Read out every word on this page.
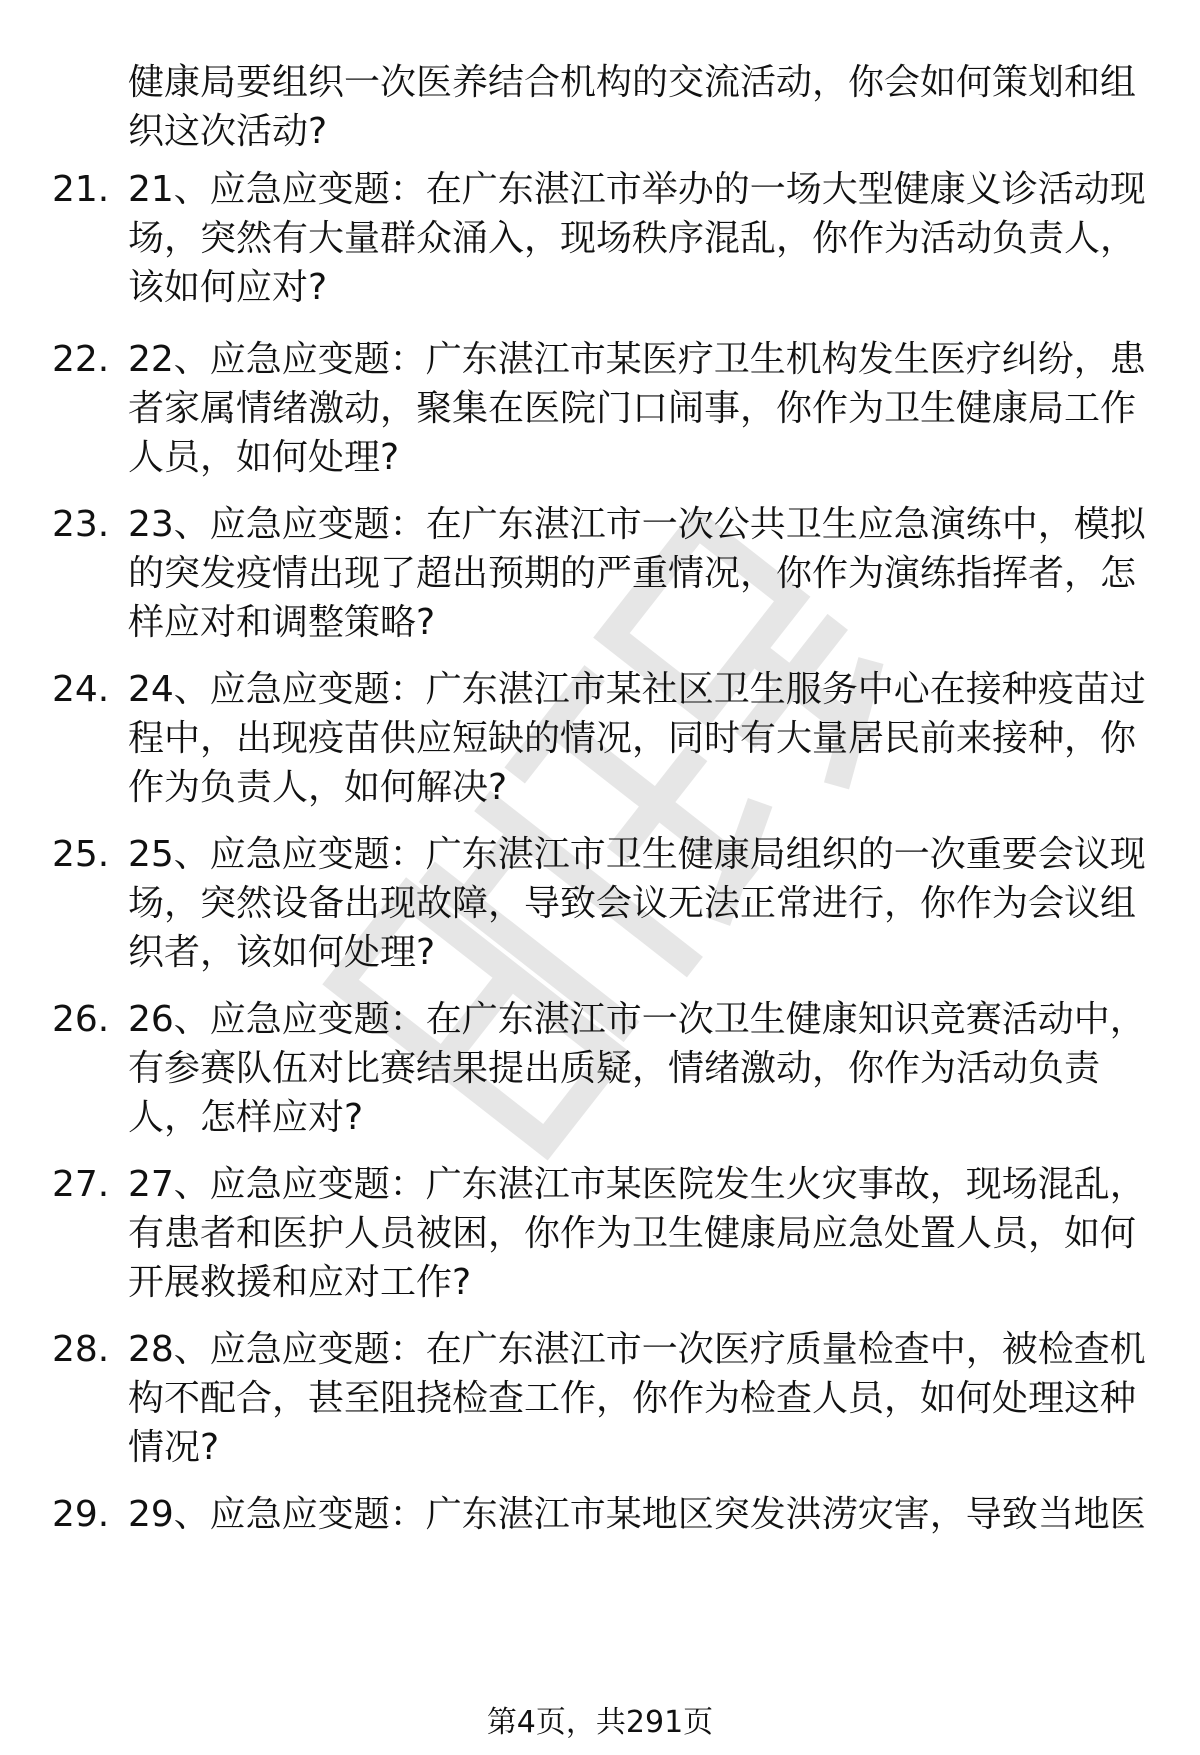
健康局要组织一次医养结合机构的交流活动，你会如何策划和组织这次活动?
21. 21、应急应变题：在广东湛江市举办的一场大型健康义诊活动现场，突然有大量群众涌入，现场秩序混乱，你作为活动负责人，该如何应对?
22. 22、应急应变题：广东湛江市某医疗卫生机构发生医疗纠纷，患者家属情绪激动，聚集在医院门口闹事，你作为卫生健康局工作人员，如何处理?
23. 23、应急应变题：在广东湛江市一次公共卫生应急演练中，模拟的突发疫情出现了超出预期的严重情况，你作为演练指挥者，怎样应对和调整策略?
24. 24、应急应变题：广东湛江市某社区卫生服务中心在接种疫苗过程中，出现疫苗供应短缺的情况，同时有大量居民前来接种，你作为负责人，如何解决?
25. 25、应急应变题：广东湛江市卫生健康局组织的一次重要会议现场，突然设备出现故障，导致会议无法正常进行，你作为会议组织者，该如何处理?
26. 26、应急应变题：在广东湛江市一次卫生健康知识竞赛活动中，有参赛队伍对比赛结果提出质疑，情绪激动，你作为活动负责人，怎样应对?
27. 27、应急应变题：广东湛江市某医院发生火灾事故，现场混乱，有患者和医护人员被困，你作为卫生健康局应急处置人员，如何开展救援和应对工作?
28. 28、应急应变题：在广东湛江市一次医疗质量检查中，被检查机构不配合，甚至阻挠检查工作，你作为检查人员，如何处理这种情况?
29. 29、应急应变题：广东湛江市某地区突发洪涝灾害，导致当地医
第4页，共291页
